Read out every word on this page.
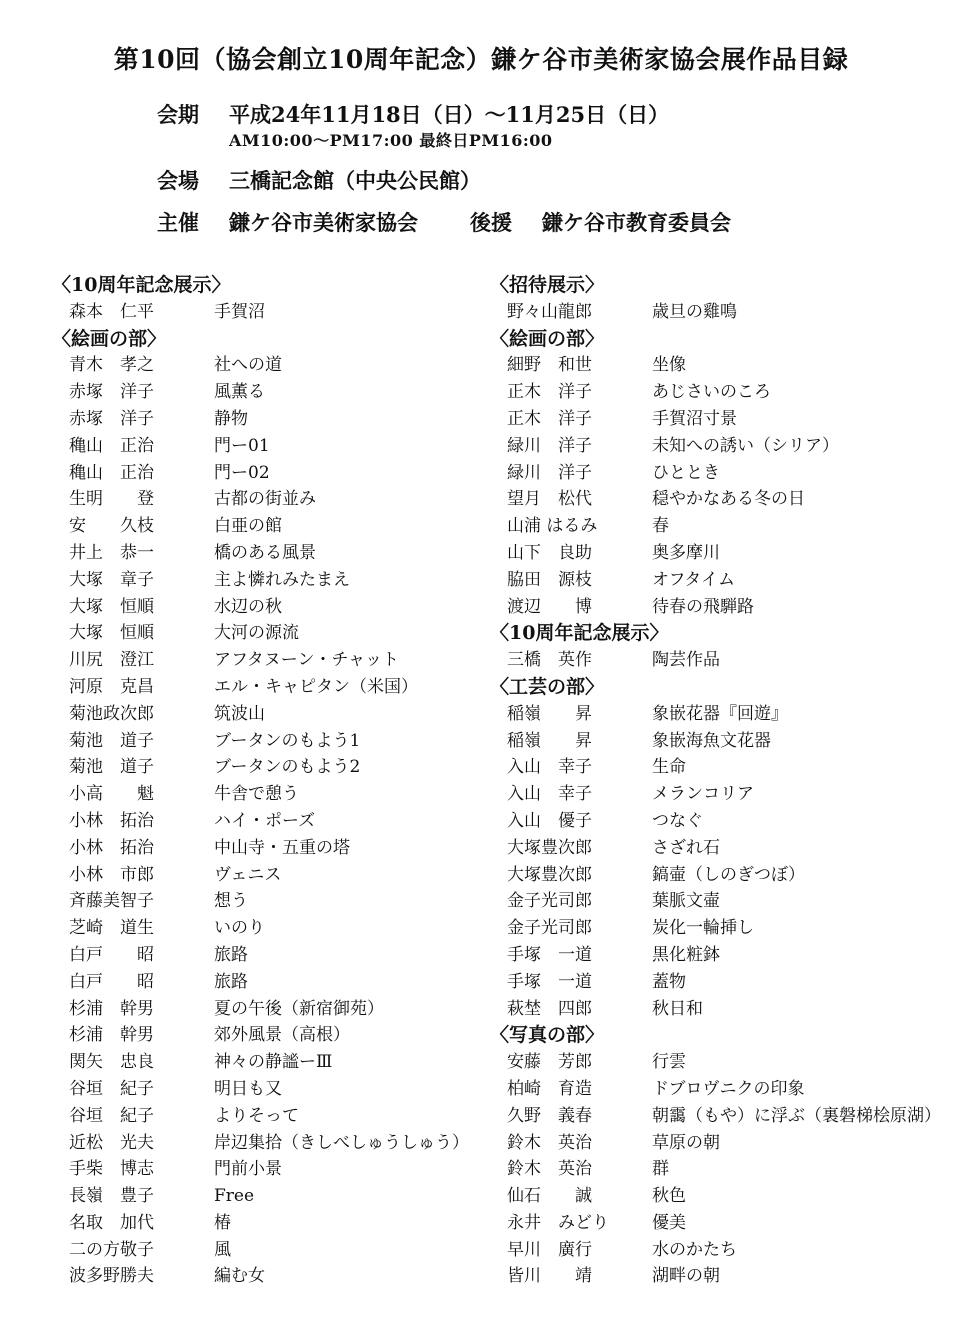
第10回（協会創立10周年記念）鎌ケ谷市美術家協会展作品目録
会期 平成24年11月18日（日）～11月25日（日）
AM10:00～PM17:00 最終日PM16:00
会場 三橋記念館（中央公民館）
主催 鎌ケ谷市美術家協会 後援 鎌ケ谷市教育委員会
〈10周年記念展示〉
森本　仁平	手賀沼
〈絵画の部〉
青木　孝之	社への道
赤塚　洋子	風薫る
赤塚　洋子	静物
穐山　正治	門ー01
穐山　正治	門ー02
生明　　登	古都の街並み
安　　久枝	白亜の館
井上　恭一	橋のある風景
大塚　章子	主よ憐れみたまえ
大塚　恒順	水辺の秋
大塚　恒順	大河の源流
川尻　澄江	アフタヌーン・チャット
河原　克昌	エル・キャピタン（米国）
菊池政次郎	筑波山
菊池　道子	ブータンのもよう1
菊池　道子	ブータンのもよう2
小高　　魁	牛舎で憩う
小林　拓治	ハイ・ポーズ
小林　拓治	中山寺・五重の塔
小林　市郎	ヴェニス
斉藤美智子	想う
芝崎　道生	いのり
白戸　　昭	旅路
白戸　　昭	旅路
杉浦　幹男	夏の午後（新宿御苑）
杉浦　幹男	郊外風景（高根）
関矢　忠良	神々の静謐ーⅢ
谷垣　紀子	明日も又
谷垣　紀子	よりそって
近松　光夫	岸辺集拾（きしべしゅうしゅう）
手柴　博志	門前小景
長嶺　豊子	Free
名取　加代	椿
二の方敬子	風
波多野勝夫	編む女
〈招待展示〉
野々山龍郎	歳旦の雞鳴
〈絵画の部〉
細野　和世	坐像
正木　洋子	あじさいのころ
正木　洋子	手賀沼寸景
緑川　洋子	未知への誘い（シリア）
緑川　洋子	ひととき
望月　松代	穏やかなある冬の日
山浦 はるみ	春
山下　良助	奥多摩川
脇田　源枝	オフタイム
渡辺　　博	待春の飛騨路
〈10周年記念展示〉
三橋　英作	陶芸作品
〈工芸の部〉
稲嶺　　昇	象嵌花器『回遊』
稲嶺　　昇	象嵌海魚文花器
入山　幸子	生命
入山　幸子	メランコリア
入山　優子	つなぐ
大塚豊次郎	さざれ石
大塚豊次郎	鎬壷（しのぎつぼ）
金子光司郎	葉脈文壷
金子光司郎	炭化一輪挿し
手塚　一道	黒化粧鉢
手塚　一道	蓋物
萩埜　四郎	秋日和
〈写真の部〉
安藤　芳郎	行雲
柏崎　育造	ドブロヴニクの印象
久野　義春	朝靄（もや）に浮ぶ（裏磐梯桧原湖）
鈴木　英治	草原の朝
鈴木　英治	群
仙石　　誠	秋色
永井　みどり	優美
早川　廣行	水のかたち
皆川　　靖	湖畔の朝
